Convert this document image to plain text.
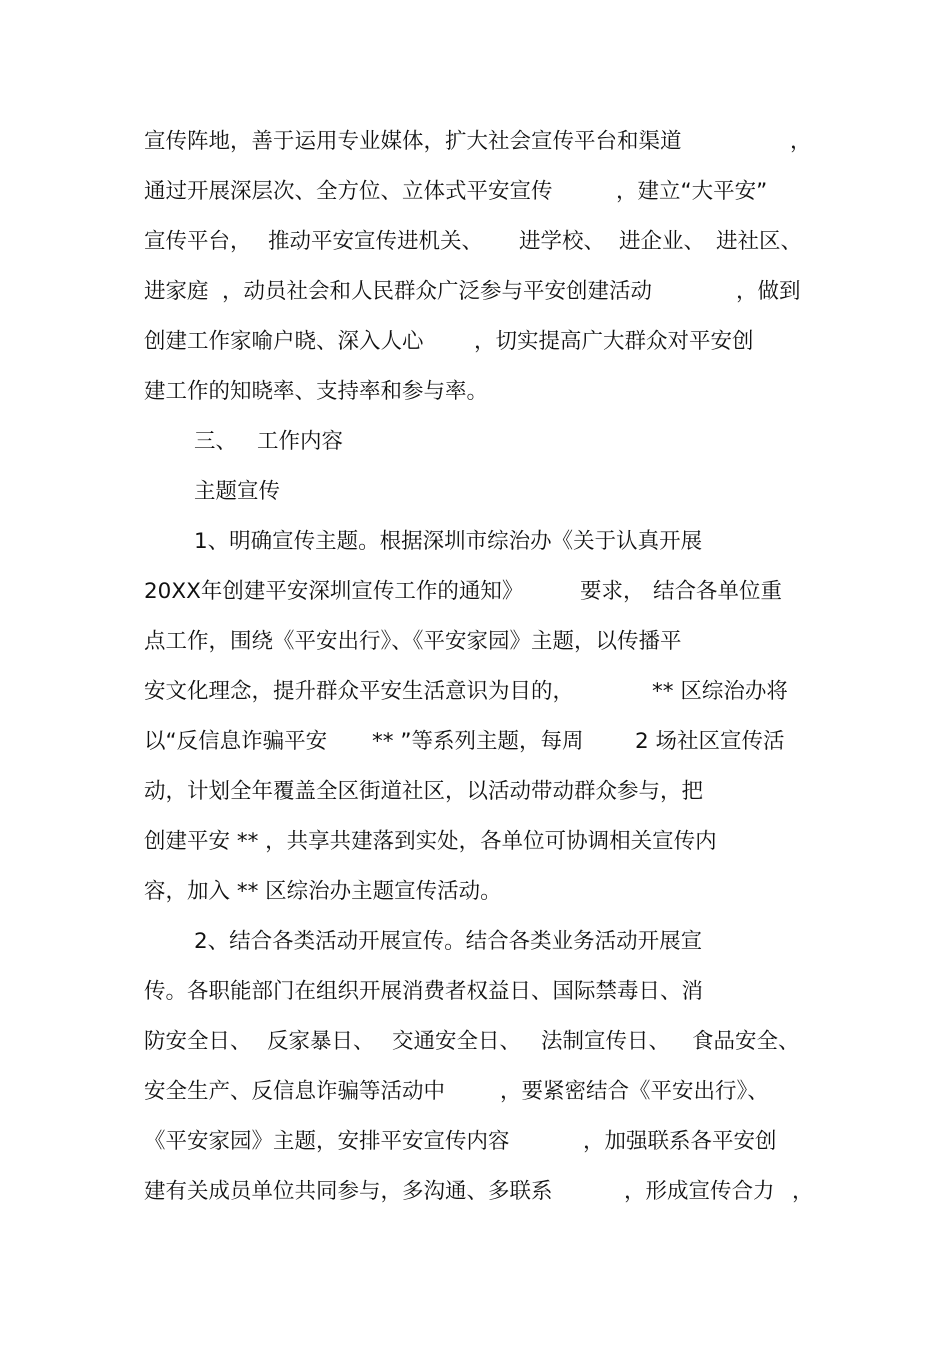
宣传阵地，善于运用专业媒体，扩大社会宣传平台和渠道

	，

通过开展深层次、全方位、立体式平安宣传

	，建立“大平安”

宣传平台，

推动平安宣传进机关、

进学校、

进企业、

进社区、

进家庭

，动员社会和人民群众广泛参与平安创建活动

	，做到

创建工作家喻户晓、深入人心

，切实提高广大群众对平安创

建工作的知晓率、支持率和参与率。

三、

工作内容

主题宣传

1、明确宣传主题。根据深圳市综治办《关于认真开展

20XX年创建平安深圳宣传工作的通知》

	要求，

结合各单位重

点工作，围绕《平安出行》、《平安家园》主题，以传播平

安文化理念，提升群众平安生活意识为目的，

	** 区综治办将

以“反信息诈骗平安

** ”等系列主题，每周

2 场社区宣传活

动，计划全年覆盖全区街道社区，以活动带动群众参与，把

创建平安 ** ，共享共建落到实处，各单位可协调相关宣传内

容，加入 ** 区综治办主题宣传活动。

2、结合各类活动开展宣传。结合各类业务活动开展宣

传。各职能部门在组织开展消费者权益日、国际禁毒日、消

防安全日、

反家暴日、

交通安全日、

法制宣传日、

食品安全、

安全生产、反信息诈骗等活动中

	，要紧密结合《平安出行》、

《平安家园》主题，安排平安宣传内容

	，加强联系各平安创

建有关成员单位共同参与，多沟通、多联系

	，形成宣传合力

，
